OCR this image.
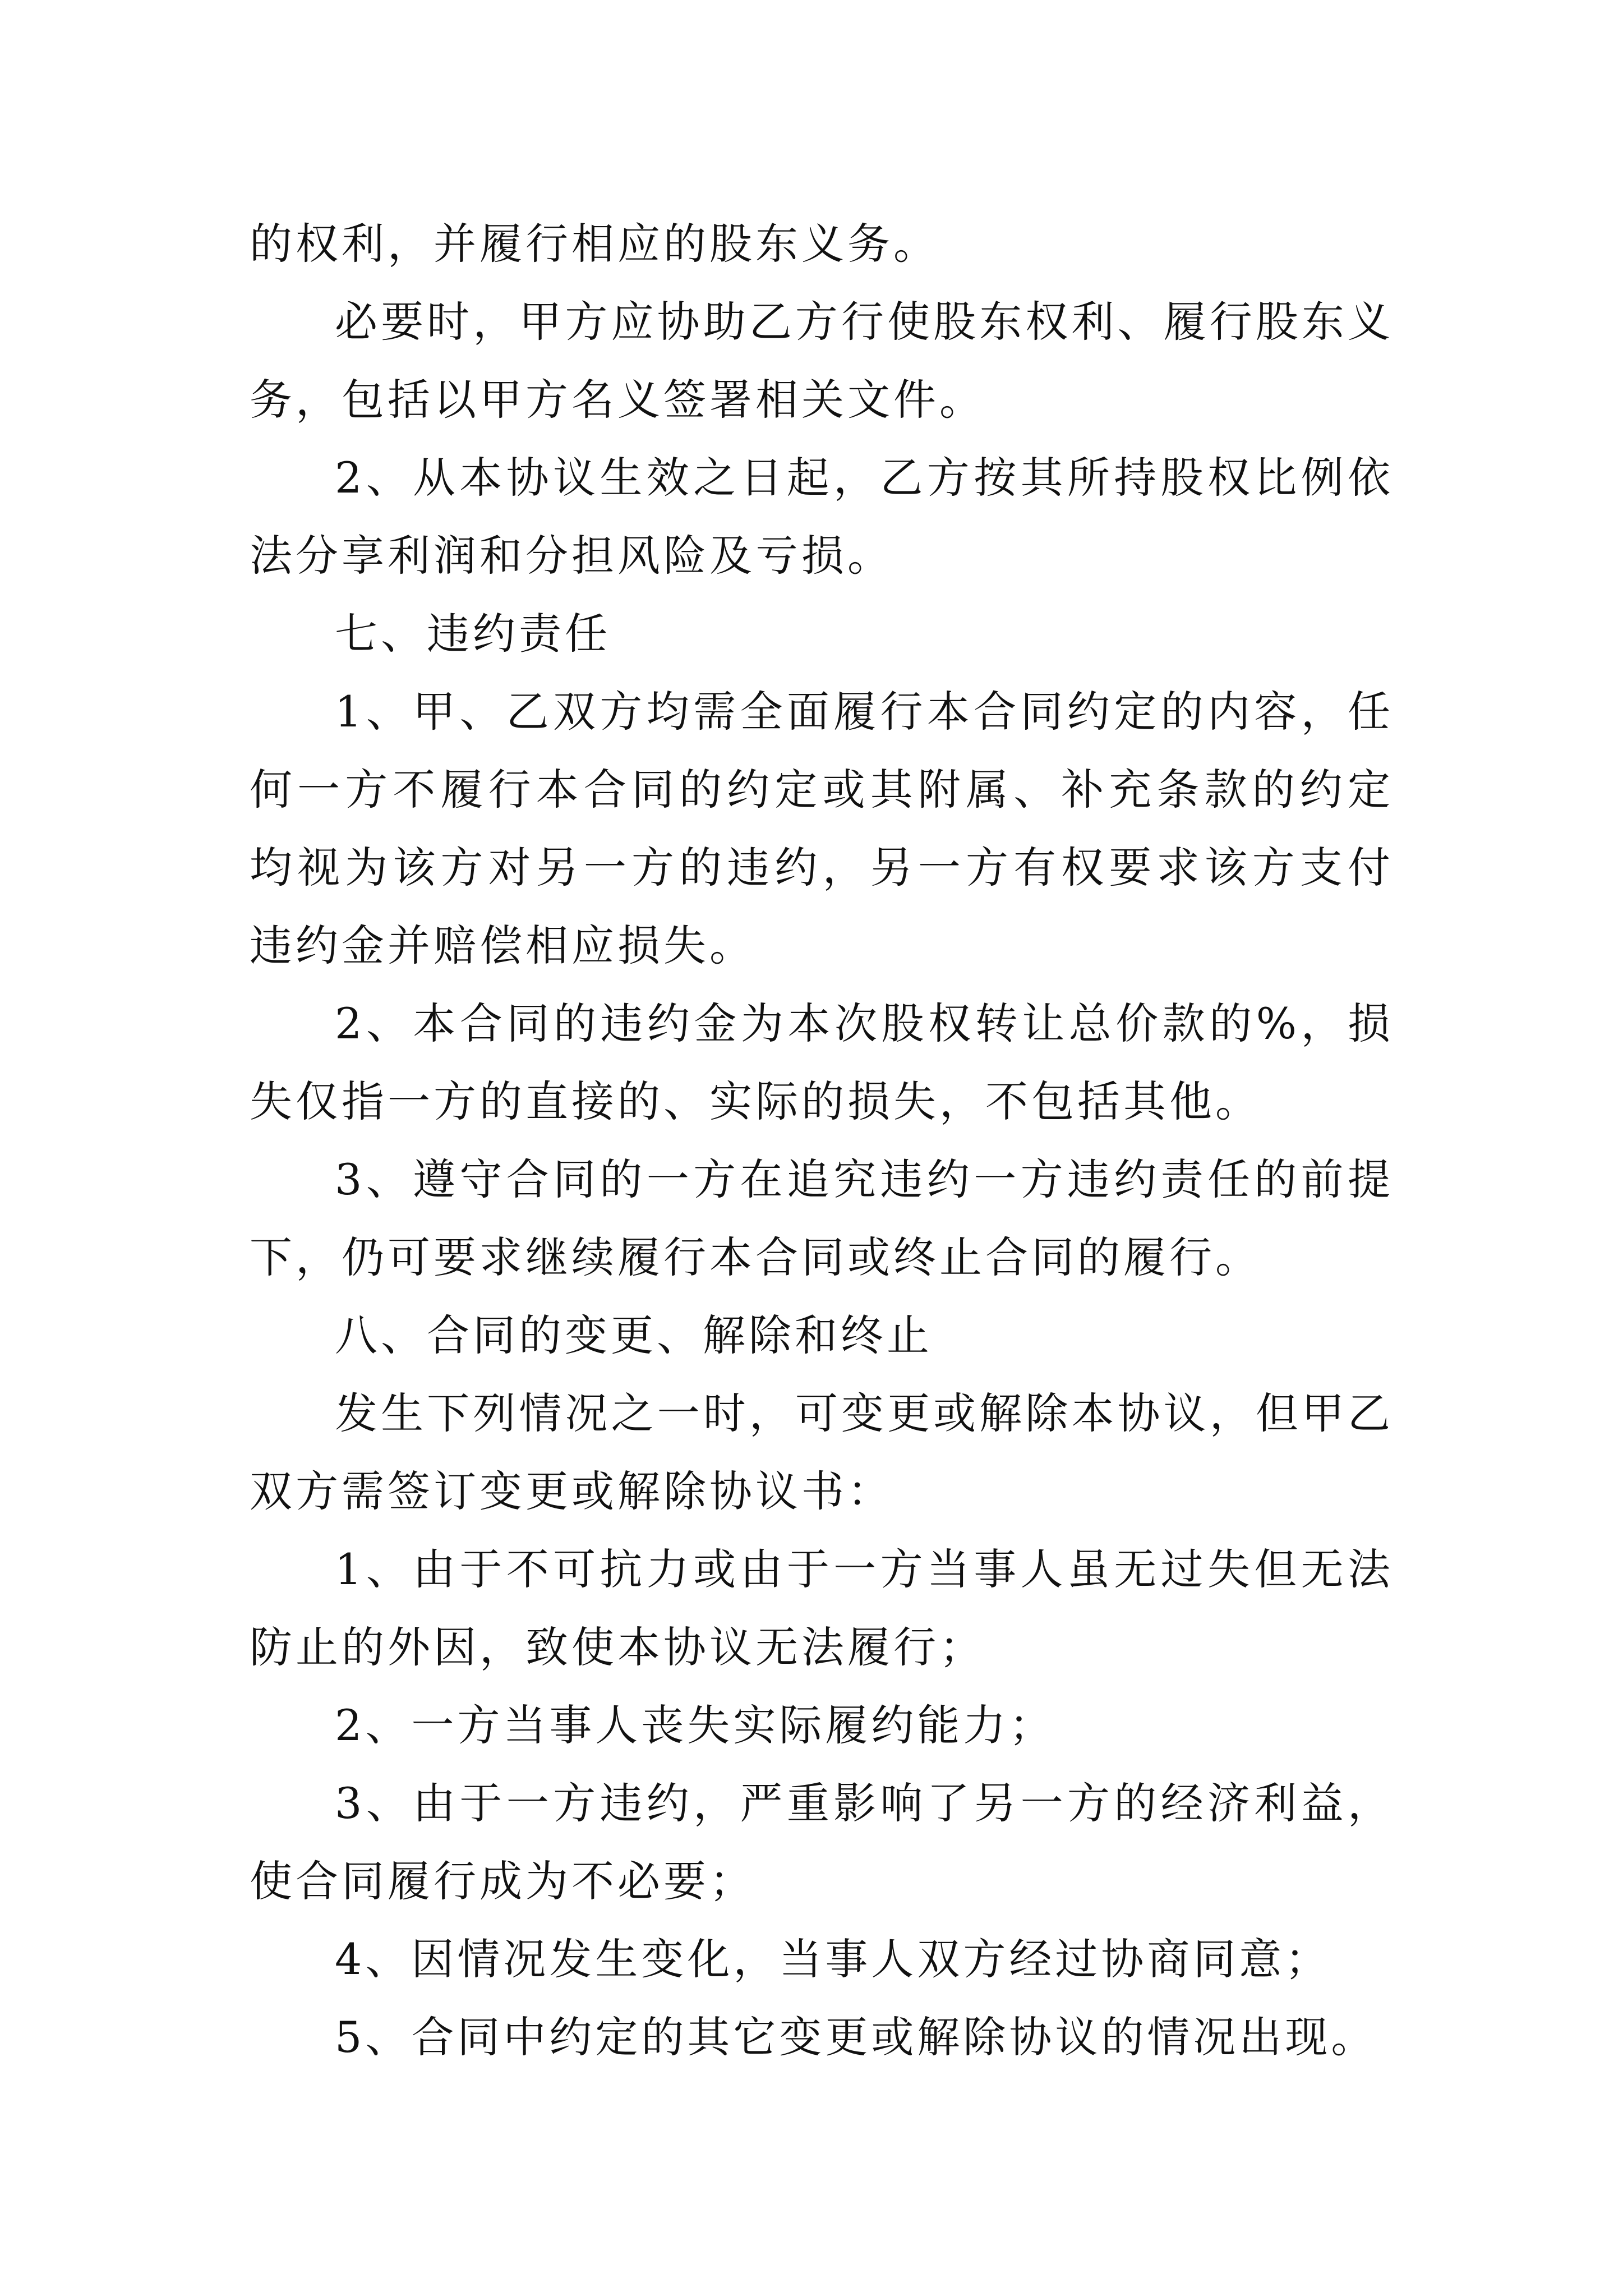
的权利，并履行相应的股东义务。

必要时，甲方应协助乙方行使股东权利、履行股东义务，包括以甲方名义签署相关文件。

2、从本协议生效之日起，乙方按其所持股权比例依法分享利润和分担风险及亏损。

七、违约责任

1、甲、乙双方均需全面履行本合同约定的内容，任何一方不履行本合同的约定或其附属、补充条款的约定均视为该方对另一方的违约，另一方有权要求该方支付违约金并赔偿相应损失。

2、本合同的违约金为本次股权转让总价款的%，损失仅指一方的直接的、实际的损失，不包括其他。

3、遵守合同的一方在追究违约一方违约责任的前提下，仍可要求继续履行本合同或终止合同的履行。

八、合同的变更、解除和终止

发生下列情况之一时，可变更或解除本协议，但甲乙双方需签订变更或解除协议书：

1、由于不可抗力或由于一方当事人虽无过失但无法防止的外因，致使本协议无法履行；

2、一方当事人丧失实际履约能力；

3、由于一方违约，严重影响了另一方的经济利益，使合同履行成为不必要；

4、因情况发生变化，当事人双方经过协商同意；

5、合同中约定的其它变更或解除协议的情况出现。
